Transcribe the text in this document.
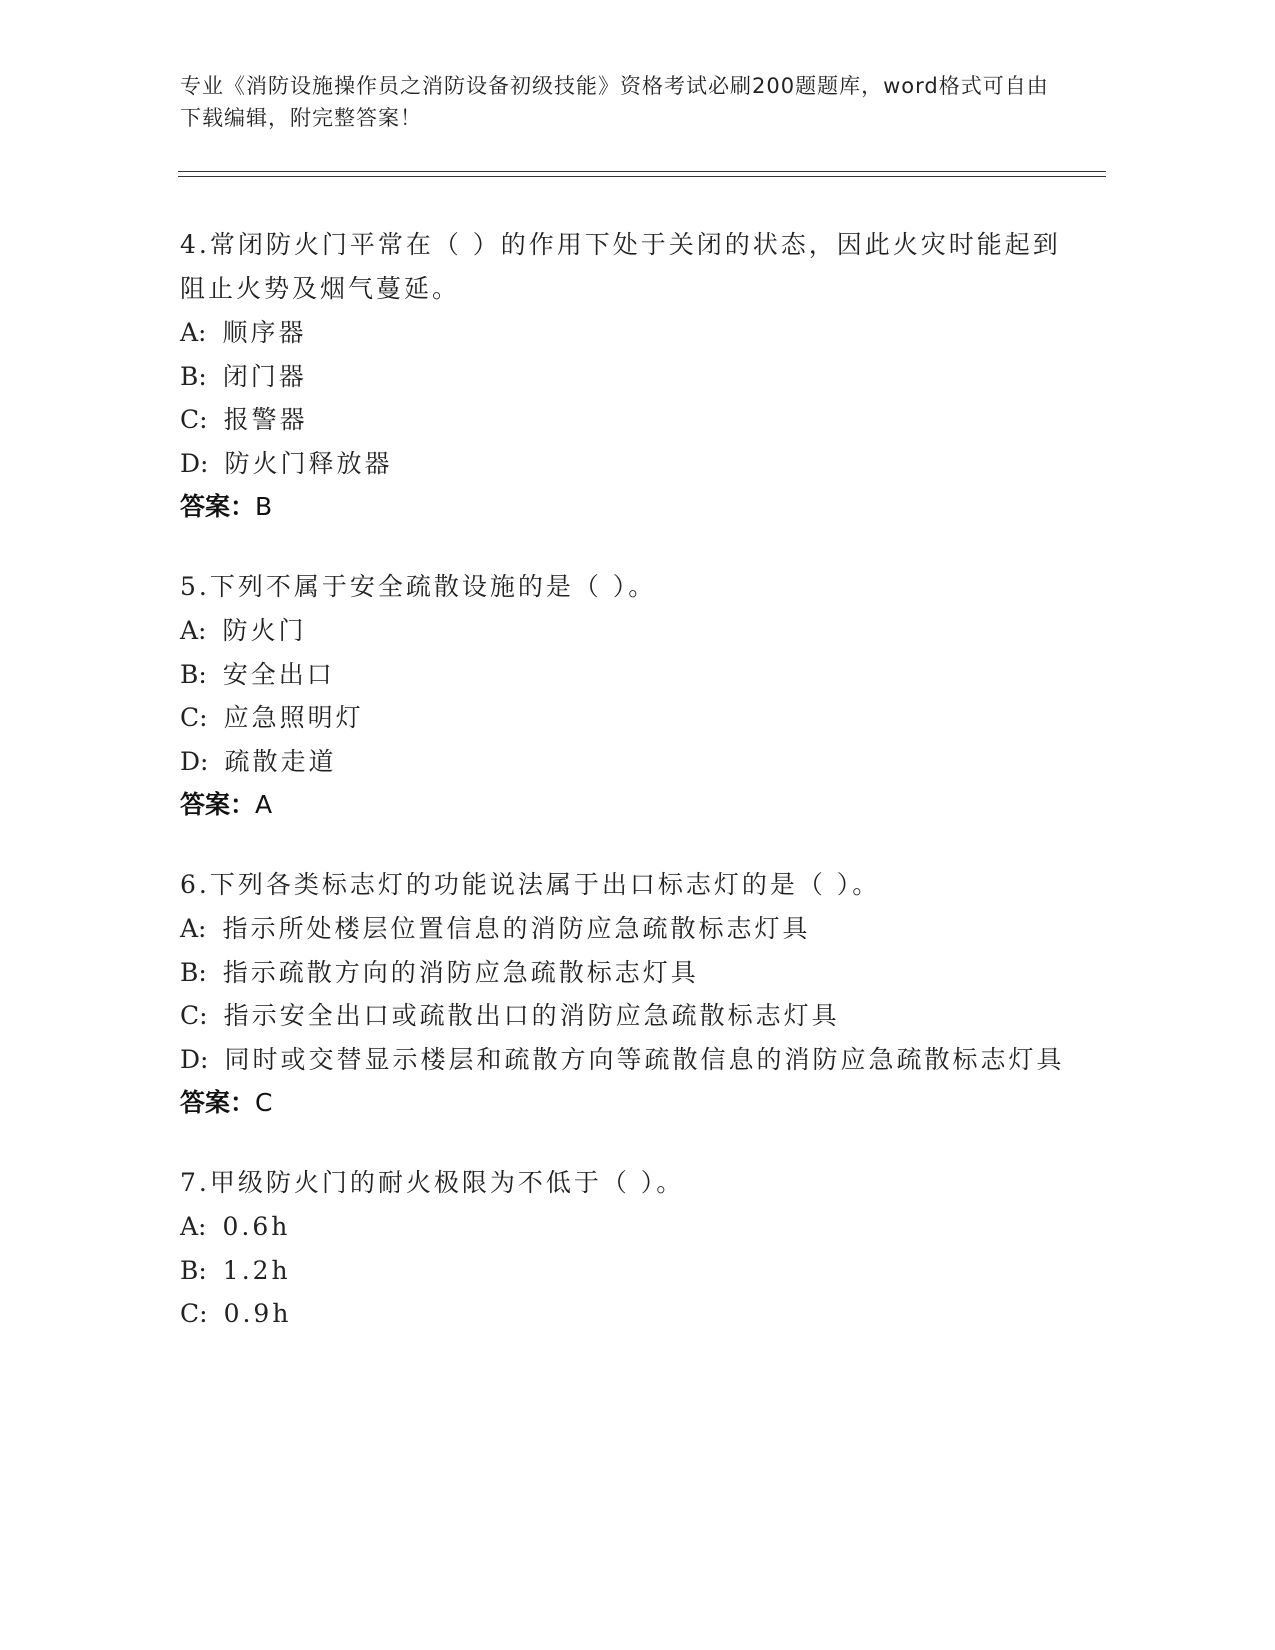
专业《消防设施操作员之消防设备初级技能》资格考试必刷200题题库，word格式可自由下载编辑，附完整答案！
4.常闭防火门平常在（ ）的作用下处于关闭的状态，因此火灾时能起到阻止火势及烟气蔓延。
A: 顺序器
B: 闭门器
C: 报警器
D: 防火门释放器
答案：B
5.下列不属于安全疏散设施的是（ ）。
A: 防火门
B: 安全出口
C: 应急照明灯
D: 疏散走道
答案：A
6.下列各类标志灯的功能说法属于出口标志灯的是（ ）。
A: 指示所处楼层位置信息的消防应急疏散标志灯具
B: 指示疏散方向的消防应急疏散标志灯具
C: 指示安全出口或疏散出口的消防应急疏散标志灯具
D: 同时或交替显示楼层和疏散方向等疏散信息的消防应急疏散标志灯具
答案：C
7.甲级防火门的耐火极限为不低于（ ）。
A: 0.6h
B: 1.2h
C: 0.9h
